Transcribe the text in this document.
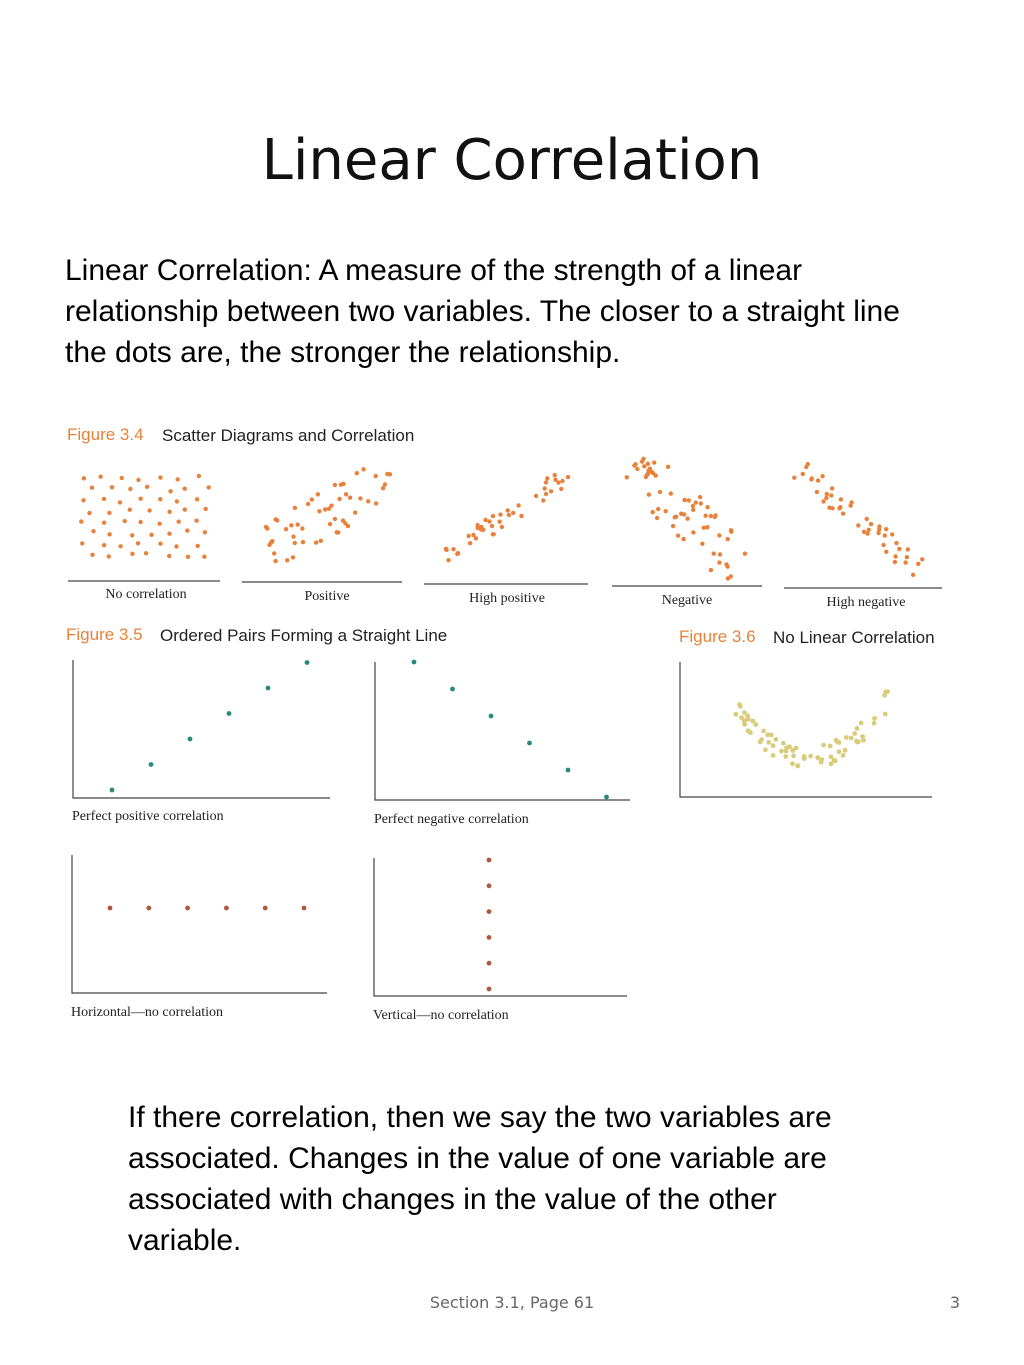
Linear Correlation

Linear Correlation: A measure of the strength of a linear relationship between two variables. The closer to a straight line the dots are, the stronger the relationship.

Figure 3.4 Scatter Diagrams and Correlation
No correlation	Positive	High positive	Negative	High negative
Figure 3.5 Ordered Pairs Forming a Straight Line	Figure 3.6 No Linear Correlation
Perfect positive correlation	Perfect negative correlation
Horizontal—no correlation	Vertical—no correlation

If there correlation, then we say the two variables are associated. Changes in the value of one variable are associated with changes in the value of the other variable.

Section 3.1, Page 61	3
